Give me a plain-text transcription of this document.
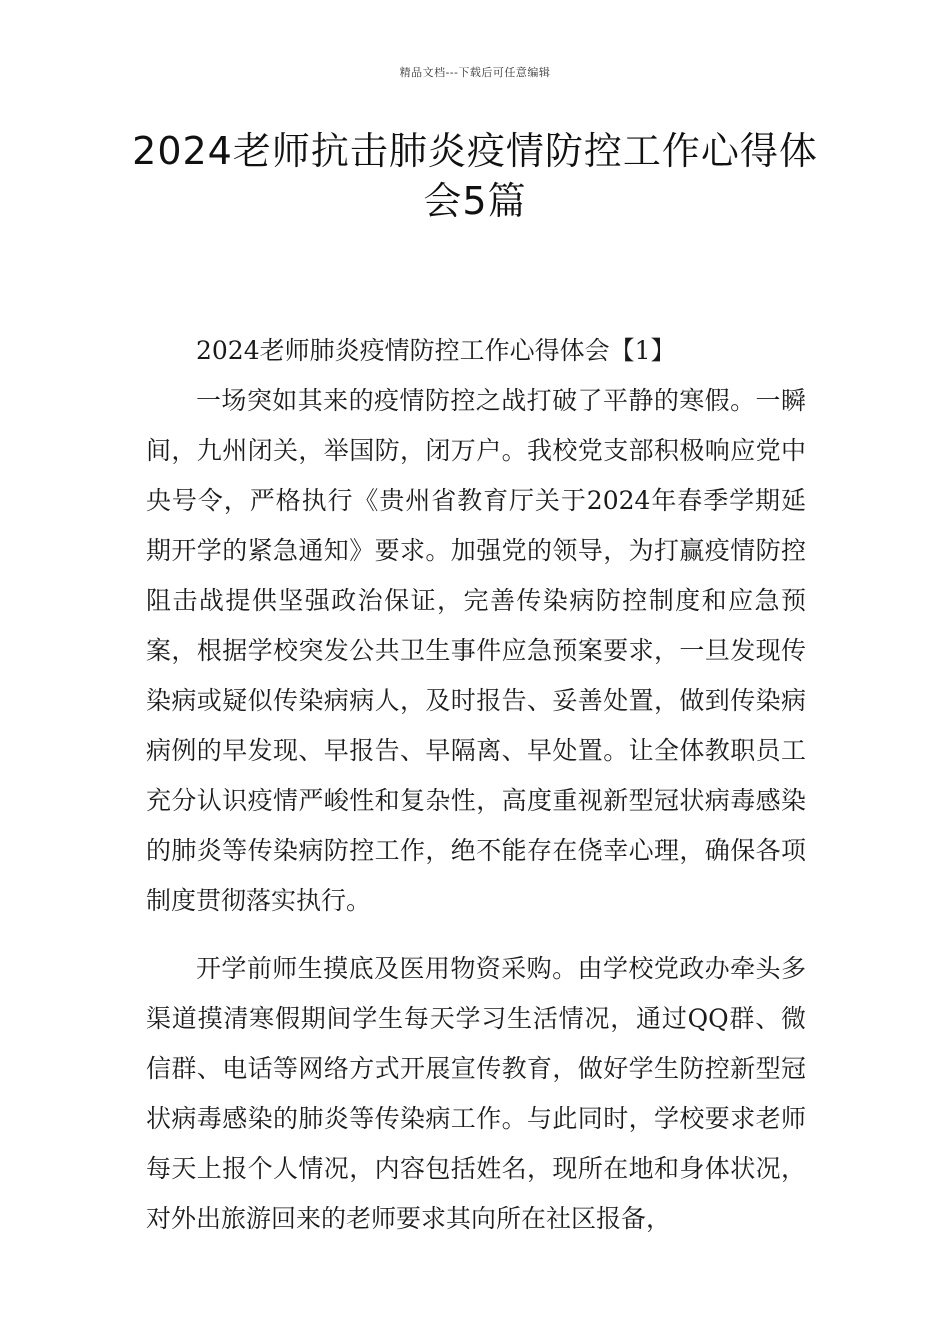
精品文档---下载后可任意编辑
2024老师抗击肺炎疫情防控工作心得体会5篇

2024老师肺炎疫情防控工作心得体会【1】

一场突如其来的疫情防控之战打破了平静的寒假。一瞬间，九州闭关，举国防，闭万户。我校党支部积极响应党中央号令，严格执行《贵州省教育厅关于2024年春季学期延期开学的紧急通知》要求。加强党的领导，为打赢疫情防控阻击战提供坚强政治保证，完善传染病防控制度和应急预案，根据学校突发公共卫生事件应急预案要求，一旦发现传染病或疑似传染病病人，及时报告、妥善处置，做到传染病病例的早发现、早报告、早隔离、早处置。让全体教职员工充分认识疫情严峻性和复杂性，高度重视新型冠状病毒感染的肺炎等传染病防控工作，绝不能存在侥幸心理，确保各项制度贯彻落实执行。

开学前师生摸底及医用物资采购。由学校党政办牵头多渠道摸清寒假期间学生每天学习生活情况，通过QQ群、微信群、电话等网络方式开展宣传教育，做好学生防控新型冠状病毒感染的肺炎等传染病工作。与此同时，学校要求老师每天上报个人情况，内容包括姓名，现所在地和身体状况，对外出旅游回来的老师要求其向所在社区报备，
